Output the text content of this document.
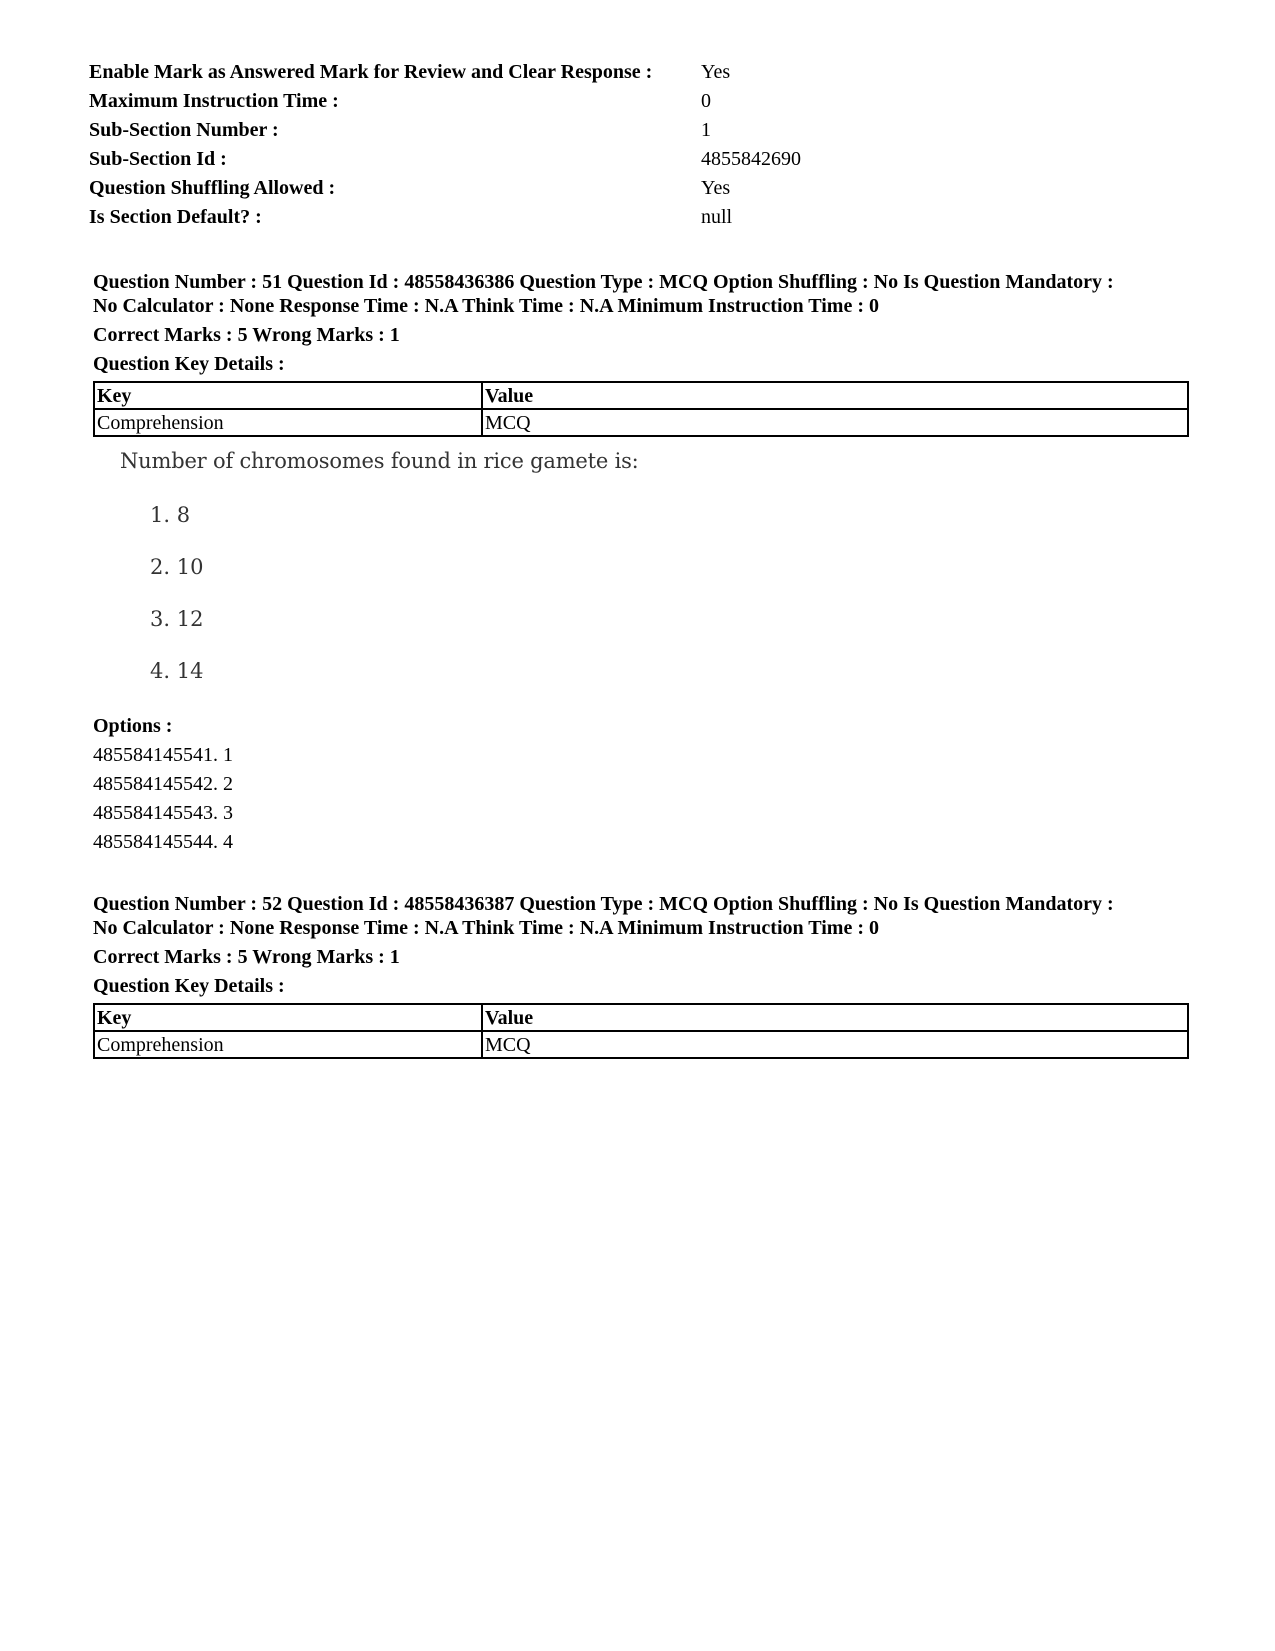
Enable Mark as Answered Mark for Review and Clear Response : Yes
Maximum Instruction Time :	0
Sub-Section Number :	1
Sub-Section Id :	4855842690
Question Shuffling Allowed :	Yes
Is Section Default? :	null
Question Number : 51 Question Id : 48558436386 Question Type : MCQ Option Shuffling : No Is Question Mandatory :
No Calculator : None Response Time : N.A Think Time : N.A Minimum Instruction Time : 0
Correct Marks : 5 Wrong Marks : 1
Question Key Details :
Key	Value
Comprehension	MCQ
Number of chromosomes found in rice gamete is:
1. 8
2. 10
3. 12
4. 14
Options :
485584145541. 1
485584145542. 2
485584145543. 3
485584145544. 4
Question Number : 52 Question Id : 48558436387 Question Type : MCQ Option Shuffling : No Is Question Mandatory :
No Calculator : None Response Time : N.A Think Time : N.A Minimum Instruction Time : 0
Correct Marks : 5 Wrong Marks : 1
Question Key Details :
Key	Value
Comprehension	MCQ
